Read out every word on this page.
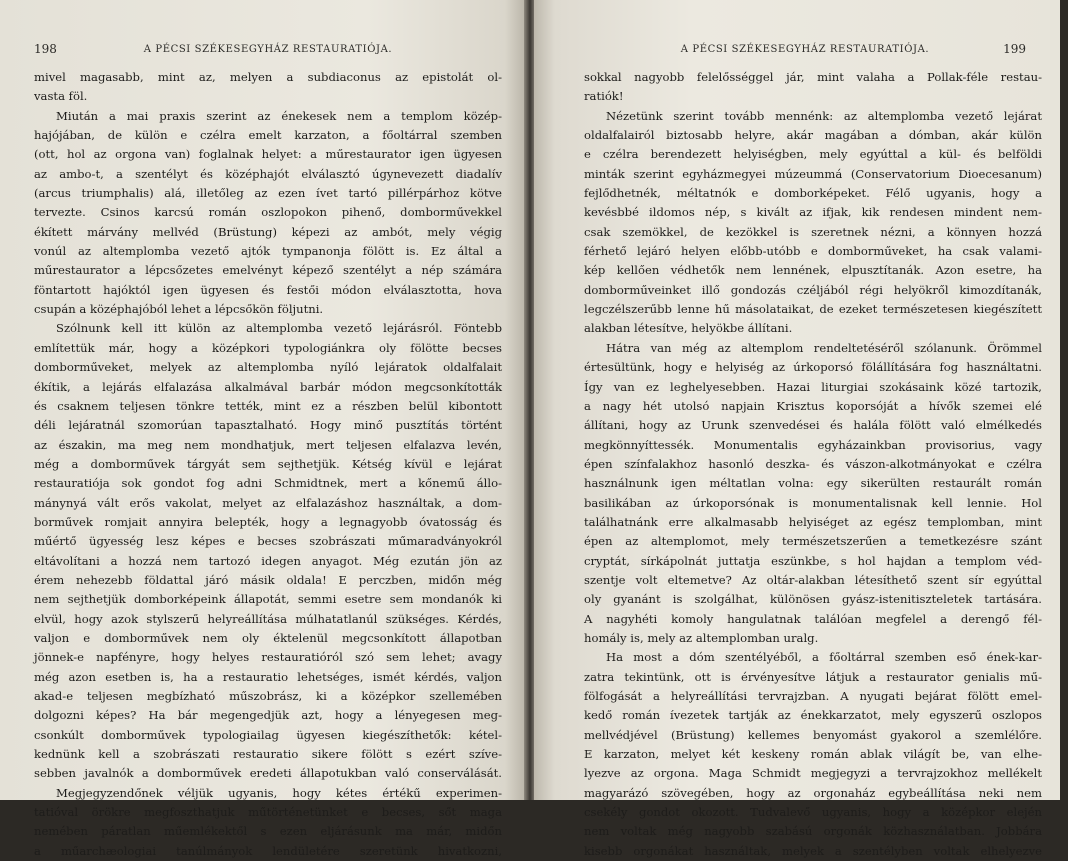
198	A PÉCSI SZÉKESEGYHÁZ RESTAURATIÓJA.

mivel magasabb, mint az, melyen a subdiaconus az epistolát ol-

vasta föl.

Miután a mai praxis szerint az énekesek nem a templom közép-

hajójában, de külön e czélra emelt karzaton, a főoltárral szemben

(ott, hol az orgona van) foglalnak helyet: a műrestaurator igen ügyesen

az ambo-t, a szentélyt és középhajót elválasztó úgynevezett diadalív

(arcus triumphalis) alá, illetőleg az ezen ívet tartó pillérpárhoz kötve

tervezte. Csinos karcsú román oszlopokon pihenő, domborművekkel

ékített márvány mellvéd (Brüstung) képezi az ambót, mely végig

vonúl az altemplomba vezető ajtók tympanonja fölött is. Ez által a

műrestaurator a lépcsőzetes emelvényt képező szentélyt a nép számára

föntartott hajóktól igen ügyesen és festői módon elválasztotta, hova

csupán a középhajóból lehet a lépcsőkön följutni.

Szólnunk kell itt külön az altemplomba vezető lejárásról. Föntebb

említettük már, hogy a középkori typologiánkra oly fölötte becses

domborműveket, melyek az altemplomba nyíló lejáratok oldalfalait

ékítik, a lejárás elfalazása alkalmával barbár módon megcsonkították

és csaknem teljesen tönkre tették, mint ez a részben belül kibontott

déli lejáratnál szomorúan tapasztalható. Hogy minő pusztítás történt

az északin, ma meg nem mondhatjuk, mert teljesen elfalazva levén,

még a domborművek tárgyát sem sejthetjük. Kétség kívül e lejárat

restauratiója sok gondot fog adni Schmidtnek, mert a kőnemű állo-

mánynyá vált erős vakolat, melyet az elfalazáshoz használtak, a dom-

borművek romjait annyira belepték, hogy a legnagyobb óvatosság és

műértő ügyesség lesz képes e becses szobrászati műmaradványokról

eltávolítani a hozzá nem tartozó idegen anyagot. Még ezután jön az

érem nehezebb földattal járó másik oldala! E perczben, midőn még

nem sejthetjük domborképeink állapotát, semmi esetre sem mondanók ki

elvül, hogy azok stylszerű helyreállítása múlhatatlanúl szükséges. Kérdés,

valjon e domborművek nem oly éktelenül megcsonkított állapotban

jönnek-e napfényre, hogy helyes restauratióról szó sem lehet; avagy

még azon esetben is, ha a restauratio lehetséges, ismét kérdés, valjon

akad-e teljesen megbízható műszobrász, ki a középkor szellemében

dolgozni képes? Ha bár megengedjük azt, hogy a lényegesen meg-

csonkúlt domborművek typologiailag ügyesen kiegészíthetők: kétel-

kednünk kell a szobrászati restauratio sikere fölött s ezért szíve-

sebben javalnók a domborművek eredeti állapotukban való conserválását.

Megjegyzendőnek véljük ugyanis, hogy kétes értékű experimen-

tatióval örökre megfoszthatjuk műtörténetünket e becses, sőt maga

nemében páratlan műemlékektől s ezen eljárásunk ma már, midőn

a műarchæologiai tanúlmányok lendületére szeretünk hivatkozni,

A PÉCSI SZÉKESEGYHÁZ RESTAURATIÓJA.	199

sokkal nagyobb felelősséggel jár, mint valaha a Pollak-féle restau-

ratiók!

Nézetünk szerint tovább mennénk: az altemplomba vezető lejárat

oldalfalairól biztosabb helyre, akár magában a dómban, akár külön

e czélra berendezett helyiségben, mely egyúttal a kül- és belföldi

minták szerint egyházmegyei múzeummá (Conservatorium Dioecesanum)

fejlődhetnék, méltatnók e domborképeket. Félő ugyanis, hogy a

kevésbbé ildomos nép, s kivált az ifjak, kik rendesen mindent nem-

csak szemökkel, de kezökkel is szeretnek nézni, a könnyen hozzá

férhető lejáró helyen előbb-utóbb e domborműveket, ha csak valami-

kép kellően védhetők nem lennének, elpusztítanák. Azon esetre, ha

domborműveinket illő gondozás czéljából régi helyökről kimozdítanák,

legczélszerűbb lenne hű másolataikat, de ezeket természetesen kiegészített

alakban létesítve, helyökbe állítani.

Hátra van még az altemplom rendeltetéséről szólanunk. Örömmel

értesültünk, hogy e helyiség az úrkoporsó fölállítására fog használtatni.

Így van ez leghelyesebben. Hazai liturgiai szokásaink közé tartozik,

a nagy hét utolsó napjain Krisztus koporsóját a hívők szemei elé

állítani, hogy az Urunk szenvedései és halála fölött való elmélkedés

megkönnyíttessék. Monumentalis egyházainkban provisorius, vagy

épen színfalakhoz hasonló deszka- és vászon-alkotmányokat e czélra

használnunk igen méltatlan volna: egy sikerülten restaurált román

basilikában az úrkoporsónak is monumentalisnak kell lennie. Hol

találhatnánk erre alkalmasabb helyiséget az egész templomban, mint

épen az altemplomot, mely természetszerűen a temetkezésre szánt

cryptát, sírkápolnát juttatja eszünkbe, s hol hajdan a templom véd-

szentje volt eltemetve? Az oltár-alakban létesíthető szent sír egyúttal

oly gyanánt is szolgálhat, különösen gyász-istenitiszteletek tartására.

A nagyhéti komoly hangulatnak találóan megfelel a derengő fél-

homály is, mely az altemplomban uralg.

Ha most a dóm szentélyéből, a főoltárral szemben eső ének-kar-

zatra tekintünk, ott is érvényesítve látjuk a restaurator genialis mű-

fölfogását a helyreállítási tervrajzban. A nyugati bejárat fölött emel-

kedő román ívezetek tartják az énekkarzatot, mely egyszerű oszlopos

mellvédjével (Brüstung) kellemes benyomást gyakorol a szemlélőre.

E karzaton, melyet két keskeny román ablak világít be, van elhe-

lyezve az orgona. Maga Schmidt megjegyzi a tervrajzokhoz mellékelt

magyarázó szövegében, hogy az orgonaház egybeállítása neki nem

csekély gondot okozott. Tudvalevő ugyanis, hogy a középkor elején

nem voltak még nagyobb szabású orgonák közhasználatban. Jobbára

kisebb orgonákat használtak, melyek a szentélyben voltak elhelyezve
